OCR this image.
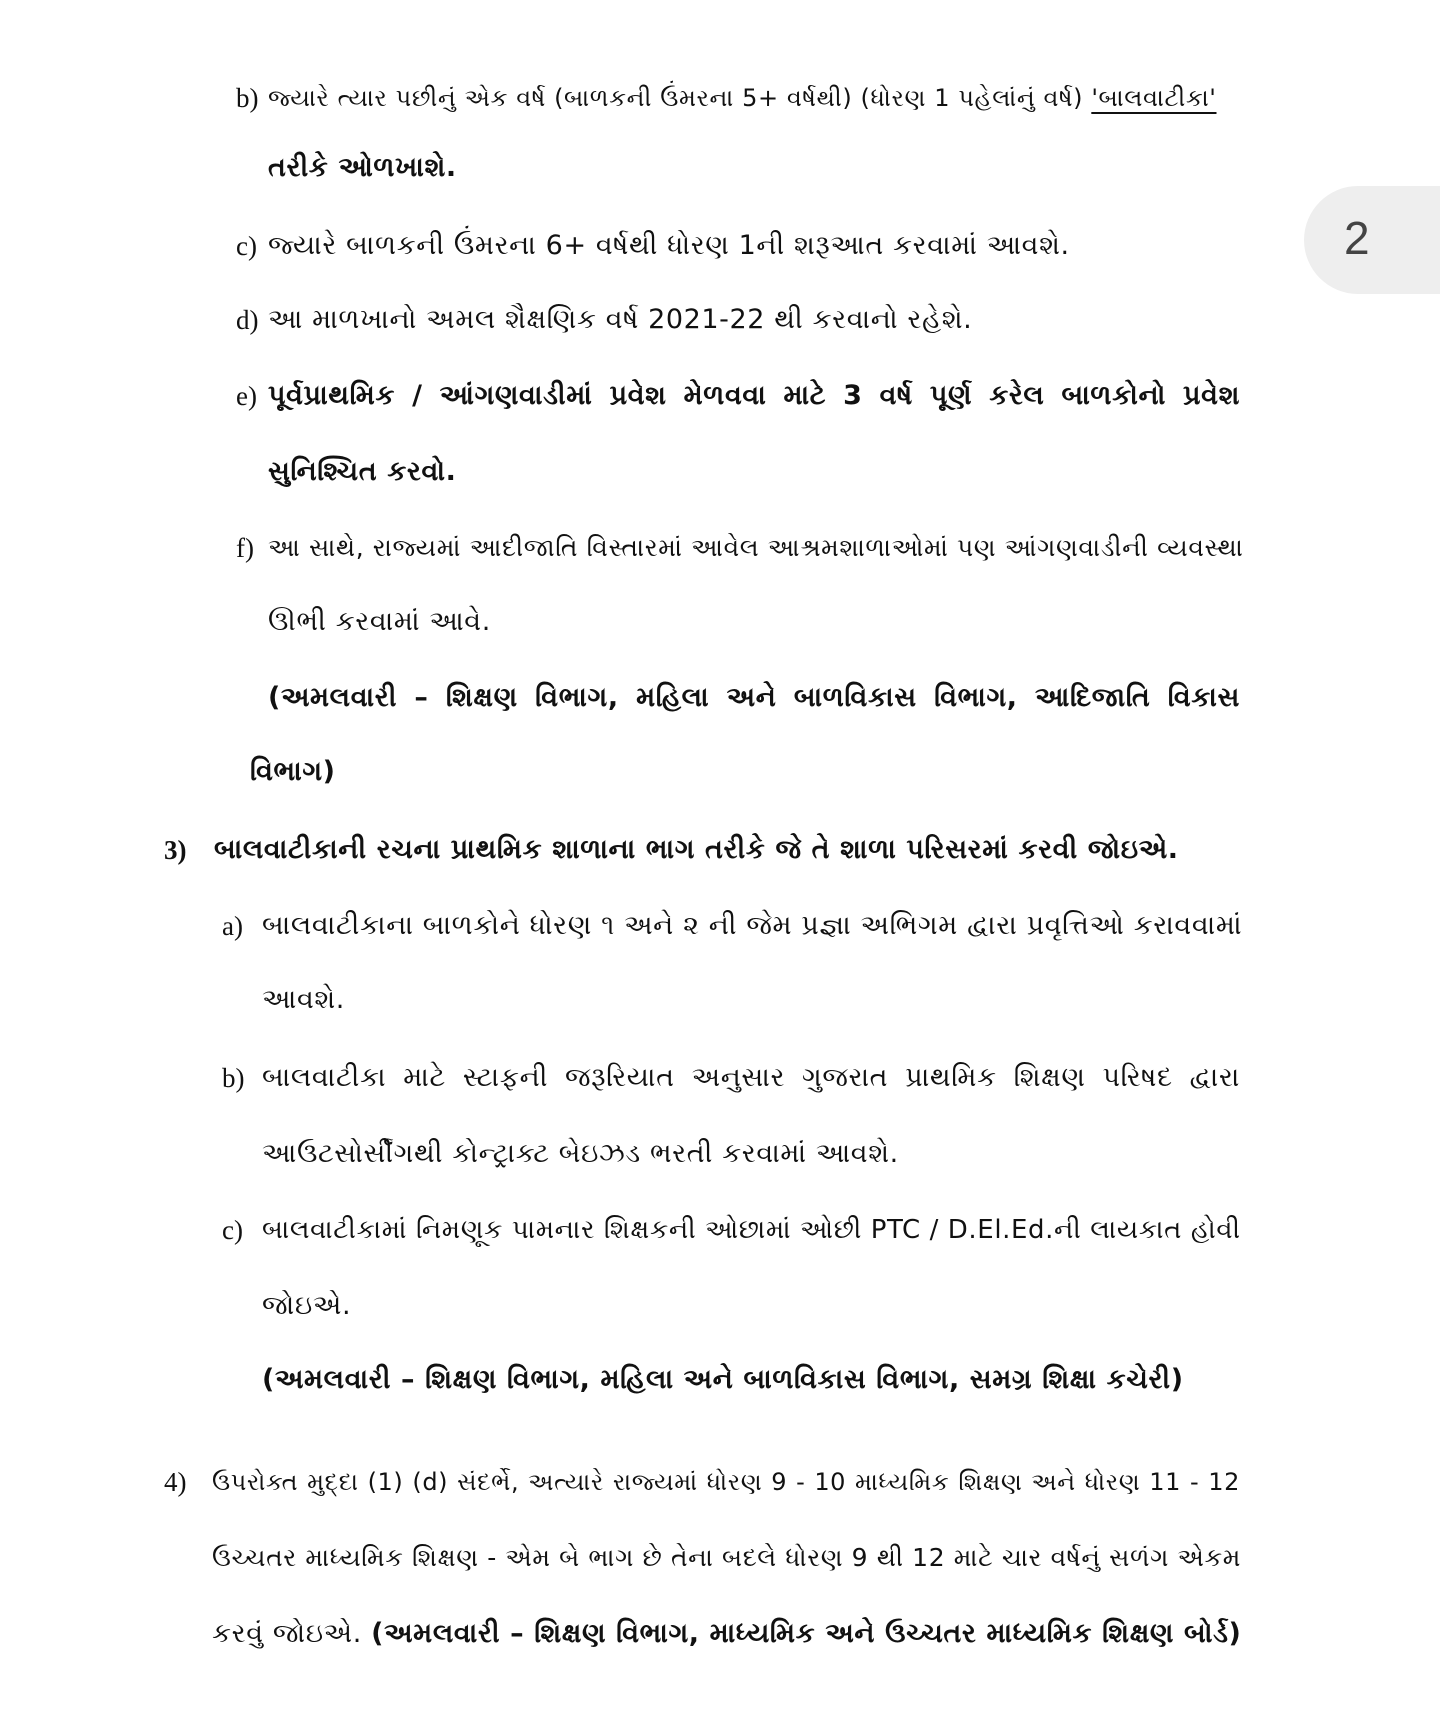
2
b) જ્યારે ત્યાર પછીનું એક વર્ષ (બાળકની ઉંમરના 5+ વર્ષથી) (ધોરણ 1 પહેલાંનું વર્ષ) 'બાલવાટીકા'
તરીકે ઓળખાશે.
c) જ્યારે બાળકની ઉંમરના 6+ વર્ષથી ધોરણ 1ની શરૂઆત કરવામાં આવશે.
d) આ માળખાનો અમલ શૈક્ષણિક વર્ષ 2021-22 થી કરવાનો રહેશે.
e) પૂર્વપ્રાથમિક / આંગણવાડીમાં પ્રવેશ મેળવવા માટે 3 વર્ષ પૂર્ણ કરેલ બાળકોનો પ્રવેશ
સુનિશ્ચિત કરવો.
f) આ સાથે, રાજ્યમાં આદીજાતિ વિસ્તારમાં આવેલ આશ્રમશાળાઓમાં પણ આંગણવાડીની વ્યવસ્થા
ઊભી કરવામાં આવે.
(અમલવારી – શિક્ષણ વિભાગ, મહિલા અને બાળવિકાસ વિભાગ, આદિજાતિ વિકાસ
વિભાગ)
3) બાલવાટીકાની રચના પ્રાથમિક શાળાના ભાગ તરીકે જે તે શાળા પરિસરમાં કરવી જોઇએ.
a) બાલવાટીકાના બાળકોને ધોરણ ૧ અને ૨ ની જેમ પ્રજ્ઞા અભિગમ દ્વારા પ્રવૃત્તિઓ કરાવવામાં
આવશે.
b) બાલવાટીકા માટે સ્ટાફની જરૂરિયાત અનુસાર ગુજરાત પ્રાથમિક શિક્ષણ પરિષદ દ્વારા
આઉટસોર્સીંગથી કોન્ટ્રાક્ટ બેઇઝડ ભરતી કરવામાં આવશે.
c) બાલવાટીકામાં નિમણૂક પામનાર શિક્ષકની ઓછામાં ઓછી PTC / D.El.Ed.ની લાયકાત હોવી
જોઇએ.
(અમલવારી – શિક્ષણ વિભાગ, મહિલા અને બાળવિકાસ વિભાગ, સમગ્ર શિક્ષા કચેરી)
4) ઉપરોક્ત મુદ્દા (1) (d) સંદર્ભે, અત્યારે રાજ્યમાં ધોરણ 9 - 10 માધ્યમિક શિક્ષણ અને ધોરણ 11 - 12
ઉચ્ચતર માધ્યમિક શિક્ષણ - એમ બે ભાગ છે તેના બદલે ધોરણ 9 થી 12 માટે ચાર વર્ષનું સળંગ એકમ
કરવું જોઇએ. (અમલવારી – શિક્ષણ વિભાગ, માધ્યમિક અને ઉચ્ચતર માધ્યમિક શિક્ષણ બોર્ડ)
